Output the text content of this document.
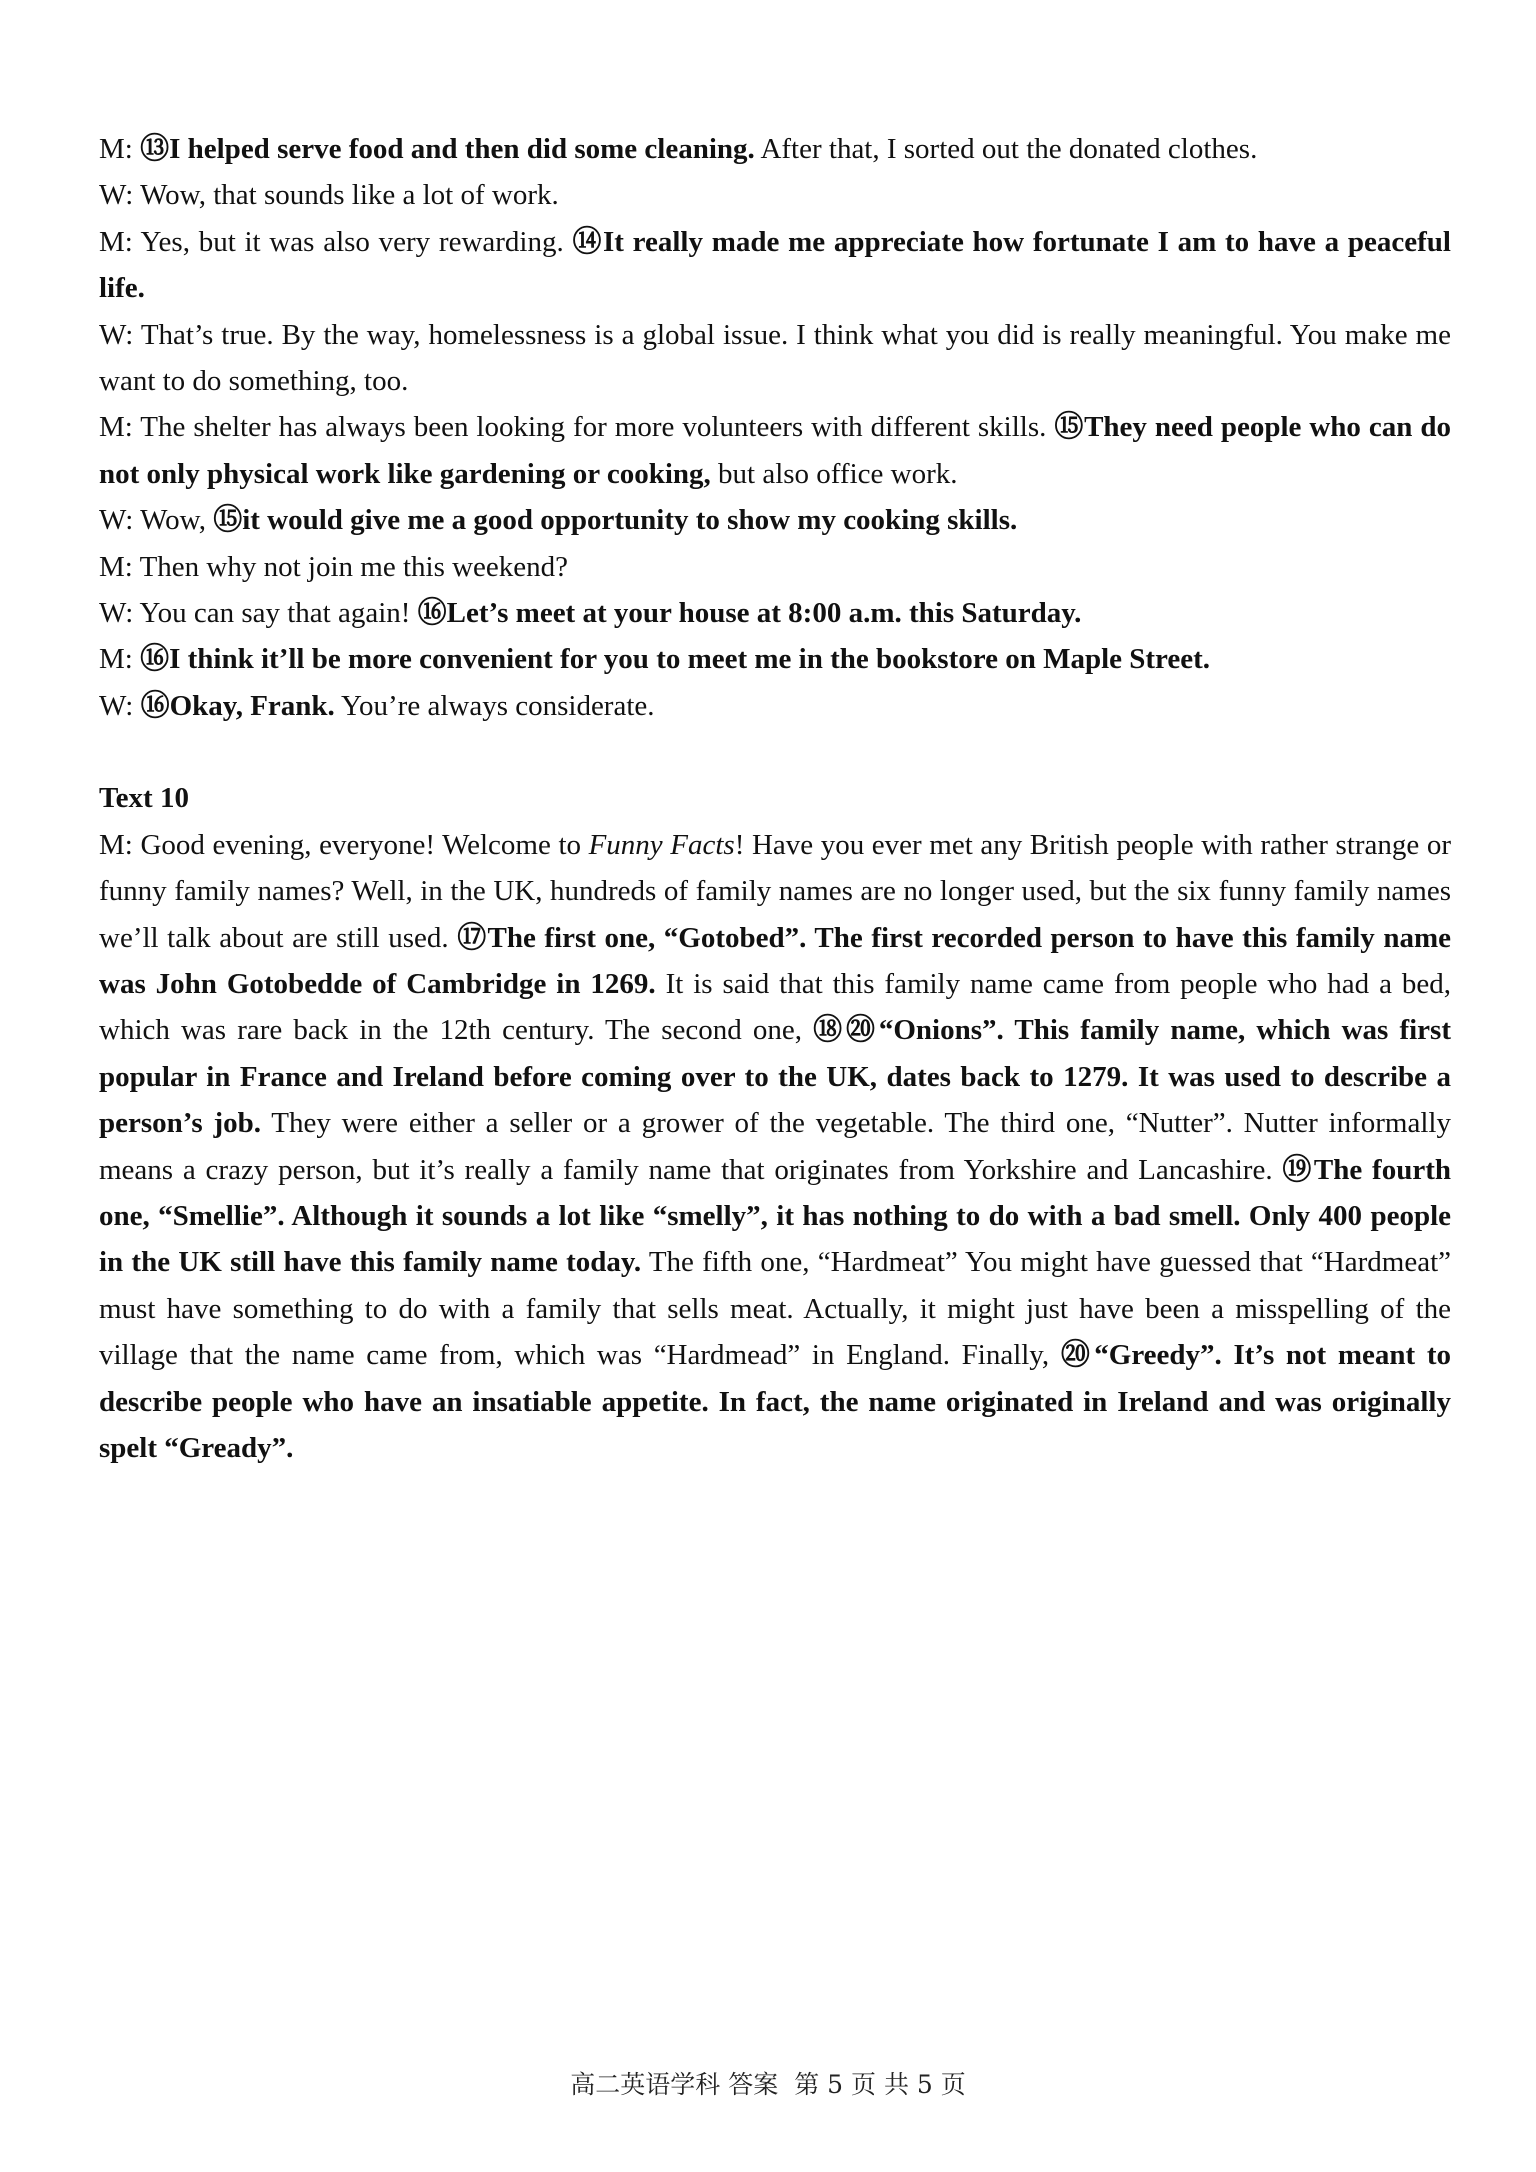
M: ⑬I helped serve food and then did some cleaning. After that, I sorted out the donated clothes.

W: Wow, that sounds like a lot of work.

M: Yes, but it was also very rewarding. ⑭It really made me appreciate how fortunate I am to have a peaceful life.

W: That’s true. By the way, homelessness is a global issue. I think what you did is really meaningful. You make me want to do something, too.

M: The shelter has always been looking for more volunteers with different skills. ⑮They need people who can do not only physical work like gardening or cooking, but also office work.

W: Wow, ⑮it would give me a good opportunity to show my cooking skills.

M: Then why not join me this weekend?

W: You can say that again! ⑯Let’s meet at your house at 8:00 a.m. this Saturday.

M: ⑯I think it’ll be more convenient for you to meet me in the bookstore on Maple Street.

W: ⑯Okay, Frank. You’re always considerate.

Text 10

M: Good evening, everyone! Welcome to Funny Facts! Have you ever met any British people with rather strange or funny family names? Well, in the UK, hundreds of family names are no longer used, but the six funny family names we’ll talk about are still used. ⑰The first one, “Gotobed”. The first recorded person to have this family name was John Gotobedde of Cambridge in 1269. It is said that this family name came from people who had a bed, which was rare back in the 12th century. The second one, ⑱⑳“Onions”. This family name, which was first popular in France and Ireland before coming over to the UK, dates back to 1279. It was used to describe a person’s job. They were either a seller or a grower of the vegetable. The third one, “Nutter”. Nutter informally means a crazy person, but it’s really a family name that originates from Yorkshire and Lancashire. ⑲The fourth one, “Smellie”. Although it sounds a lot like “smelly”, it has nothing to do with a bad smell. Only 400 people in the UK still have this family name today. The fifth one, “Hardmeat” You might have guessed that “Hardmeat” must have something to do with a family that sells meat. Actually, it might just have been a misspelling of the village that the name came from, which was “Hardmead” in England. Finally, ⑳“Greedy”. It’s not meant to describe people who have an insatiable appetite. In fact, the name originated in Ireland and was originally spelt “Gready”.

高二英语学科 答案 第 5 页 共 5 页
